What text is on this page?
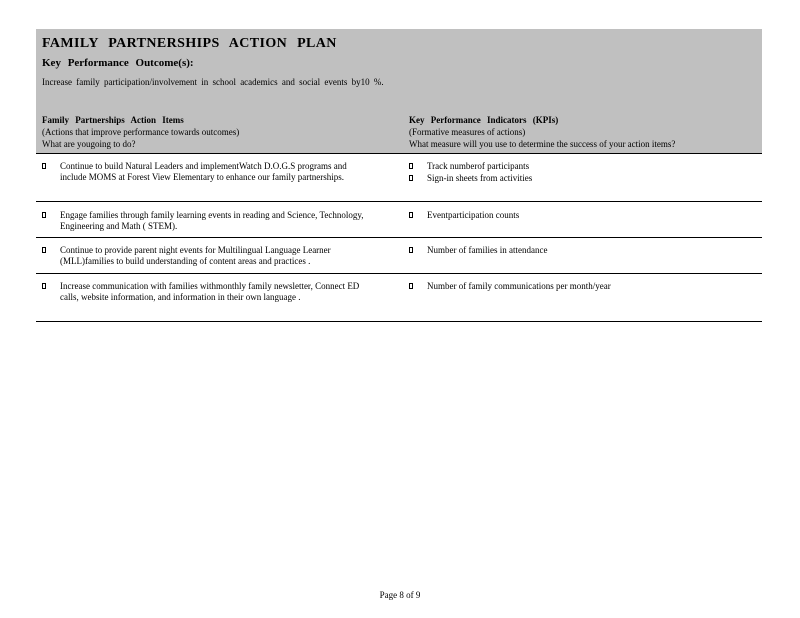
FAMILY PARTNERSHIPS ACTION PLAN
Key Performance Outcome(s):
Increase family participation/involvement in school academics and social events by10 %.
Family Partnerships Action Items
(Actions that improve performance towards outcomes)
What are yougoing to do?
Key Performance Indicators (KPIs)
(Formative measures of actions)
What measure will you use to determine the success of your action items?
Continue to build Natural Leaders and implementWatch D.O.G.S programs and include MOMS at Forest View Elementary to enhance our family partnerships.
Track numberof participants
Sign-in sheets from activities
Engage families through family learning events in reading and Science, Technology, Engineering and Math ( STEM).
Eventparticipation counts
Continue to provide parent night events for Multilingual Language Learner (MLL)families to build understanding of content areas and practices .
Number of families in attendance
Increase communication with families withmonthly family newsletter, Connect ED calls, website information, and information in their own language .
Number of family communications per month/year
Page 8 of 9
